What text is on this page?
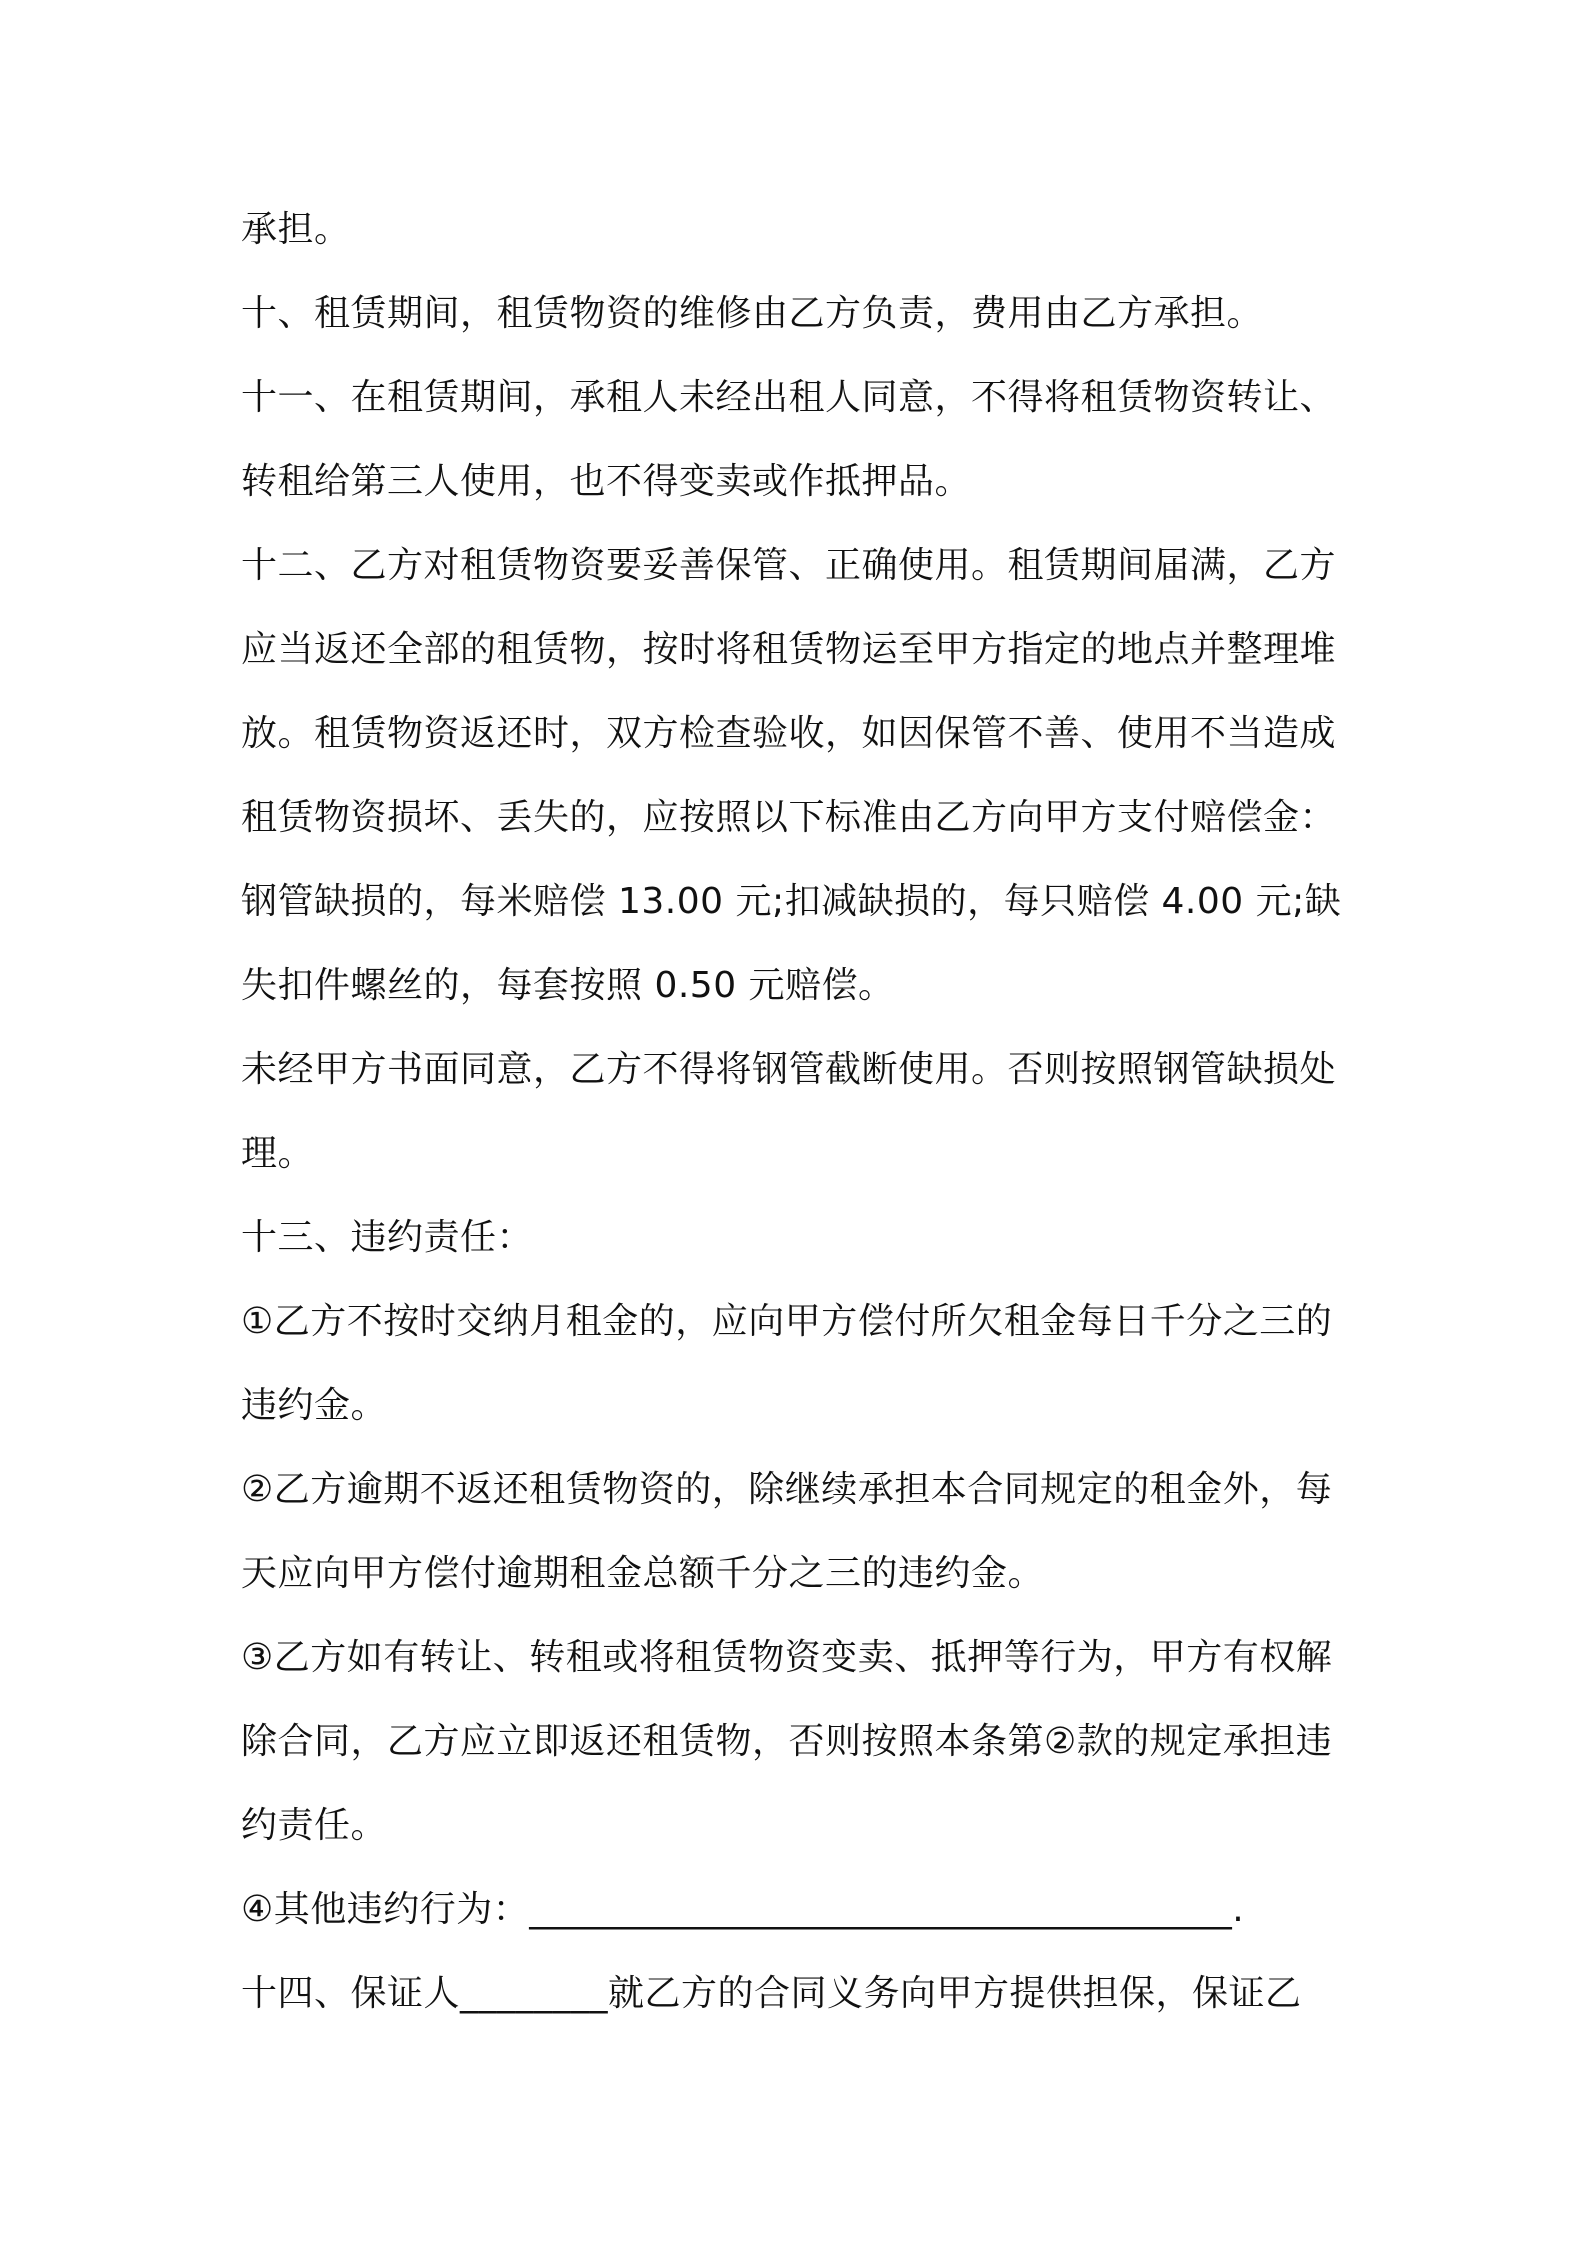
承担。
十、租赁期间，租赁物资的维修由乙方负责，费用由乙方承担。
十一、在租赁期间，承租人未经出租人同意，不得将租赁物资转让、
转租给第三人使用，也不得变卖或作抵押品。
十二、乙方对租赁物资要妥善保管、正确使用。租赁期间届满，乙方
应当返还全部的租赁物，按时将租赁物运至甲方指定的地点并整理堆
放。租赁物资返还时，双方检查验收，如因保管不善、使用不当造成
租赁物资损坏、丢失的，应按照以下标准由乙方向甲方支付赔偿金：
钢管缺损的，每米赔偿 13.00 元;扣减缺损的，每只赔偿 4.00 元;缺
失扣件螺丝的，每套按照 0.50 元赔偿。
未经甲方书面同意，乙方不得将钢管截断使用。否则按照钢管缺损处
理。
十三、违约责任：
①乙方不按时交纳月租金的，应向甲方偿付所欠租金每日千分之三的
违约金。
②乙方逾期不返还租赁物资的，除继续承担本合同规定的租金外，每
天应向甲方偿付逾期租金总额千分之三的违约金。
③乙方如有转让、转租或将租赁物资变卖、抵押等行为，甲方有权解
除合同，乙方应立即返还租赁物，否则按照本条第②款的规定承担违
约责任。
④其他违约行为：______________________________________.
十四、保证人________就乙方的合同义务向甲方提供担保，保证乙
